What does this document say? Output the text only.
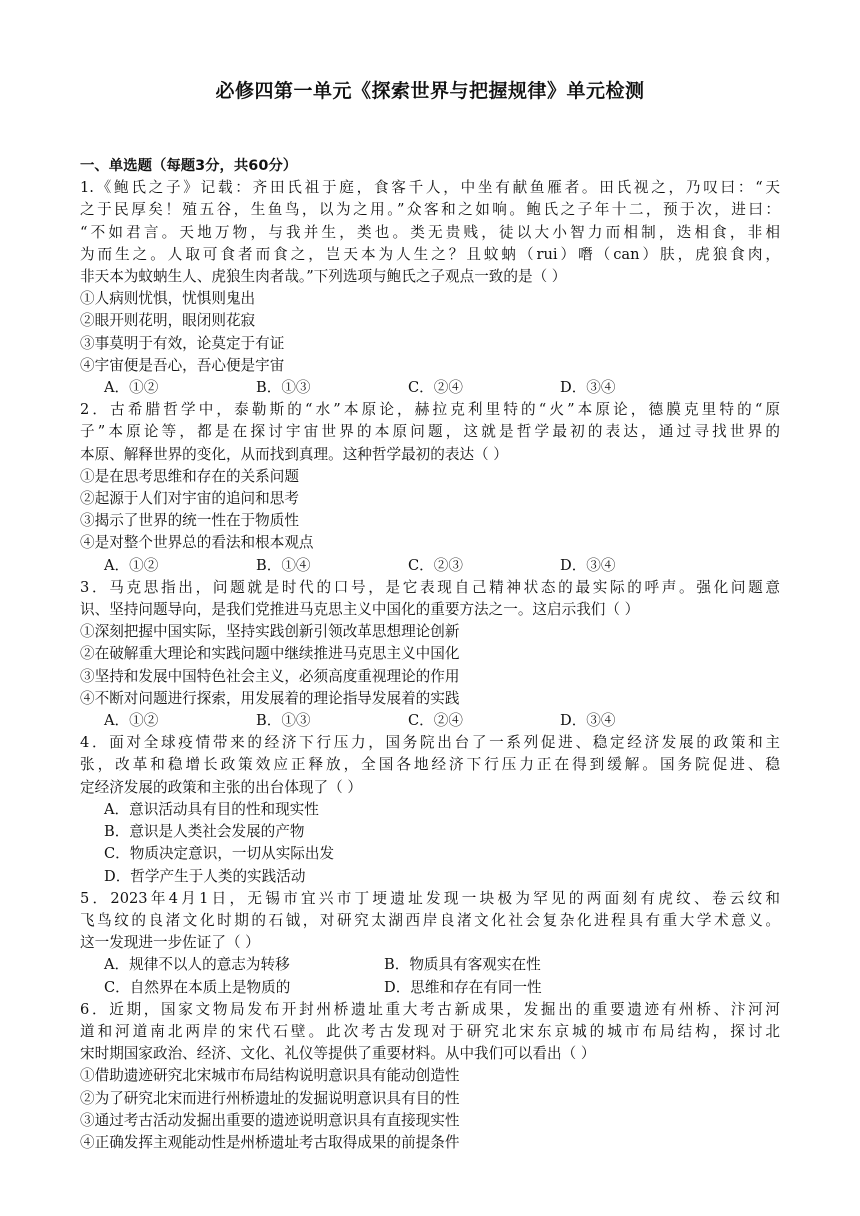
必修四第一单元《探索世界与把握规律》单元检测
一、单选题（每题3分，共60分）
1.《鲍氏之子》记载：齐田氏祖于庭，食客千人，中坐有献鱼雁者。田氏视之，乃叹曰：“天
之于民厚矣！殖五谷，生鱼鸟，以为之用。”众客和之如响。鲍氏之子年十二，预于次，进曰：
“不如君言。天地万物，与我并生，类也。类无贵贱，徒以大小智力而相制，迭相食，非相
为而生之。人取可食者而食之，岂天本为人生之？且蚊蚋（rui）噆（can）肤，虎狼食肉，
非天本为蚊蚋生人、虎狼生肉者哉。”下列选项与鲍氏之子观点一致的是（ ）
①人病则忧惧，忧惧则鬼出
②眼开则花明，眼闭则花寂
③事莫明于有效，论莫定于有证
④宇宙便是吾心，吾心便是宇宙
A．①②	B．①③	C．②④	D．③④
2．古希腊哲学中，泰勒斯的“水”本原论，赫拉克利里特的“火”本原论，德膜克里特的“原
子”本原论等，都是在探讨宇宙世界的本原问题，这就是哲学最初的表达，通过寻找世界的
本原、解释世界的变化，从而找到真理。这种哲学最初的表达（ ）
①是在思考思维和存在的关系问题
②起源于人们对宇宙的追问和思考
③揭示了世界的统一性在于物质性
④是对整个世界总的看法和根本观点
A．①②	B．①④	C．②③	D．③④
3．马克思指出，问题就是时代的口号，是它表现自己精神状态的最实际的呼声。强化问题意
识、坚持问题导向，是我们党推进马克思主义中国化的重要方法之一。这启示我们（ ）
①深刻把握中国实际，坚持实践创新引领改革思想理论创新
②在破解重大理论和实践问题中继续推进马克思主义中国化
③坚持和发展中国特色社会主义，必须高度重视理论的作用
④不断对问题进行探索，用发展着的理论指导发展着的实践
A．①②	B．①③	C．②④	D．③④
4．面对全球疫情带来的经济下行压力，国务院出台了一系列促进、稳定经济发展的政策和主
张，改革和稳增长政策效应正释放，全国各地经济下行压力正在得到缓解。国务院促进、稳
定经济发展的政策和主张的出台体现了（ ）
A．意识活动具有目的性和现实性
B．意识是人类社会发展的产物
C．物质决定意识，一切从实际出发
D．哲学产生于人类的实践活动
5．2023年4月1日，无锡市宜兴市丁埂遗址发现一块极为罕见的两面刻有虎纹、卷云纹和
飞鸟纹的良渚文化时期的石钺，对研究太湖西岸良渚文化社会复杂化进程具有重大学术意义。
这一发现进一步佐证了（ ）
A．规律不以人的意志为转移	B．物质具有客观实在性
C．自然界在本质上是物质的	D．思维和存在有同一性
6．近期，国家文物局发布开封州桥遗址重大考古新成果，发掘出的重要遗迹有州桥、汴河河
道和河道南北两岸的宋代石壁。此次考古发现对于研究北宋东京城的城市布局结构，探讨北
宋时期国家政治、经济、文化、礼仪等提供了重要材料。从中我们可以看出（ ）
①借助遗迹研究北宋城市布局结构说明意识具有能动创造性
②为了研究北宋而进行州桥遗址的发掘说明意识具有目的性
③通过考古活动发掘出重要的遗迹说明意识具有直接现实性
④正确发挥主观能动性是州桥遗址考古取得成果的前提条件
